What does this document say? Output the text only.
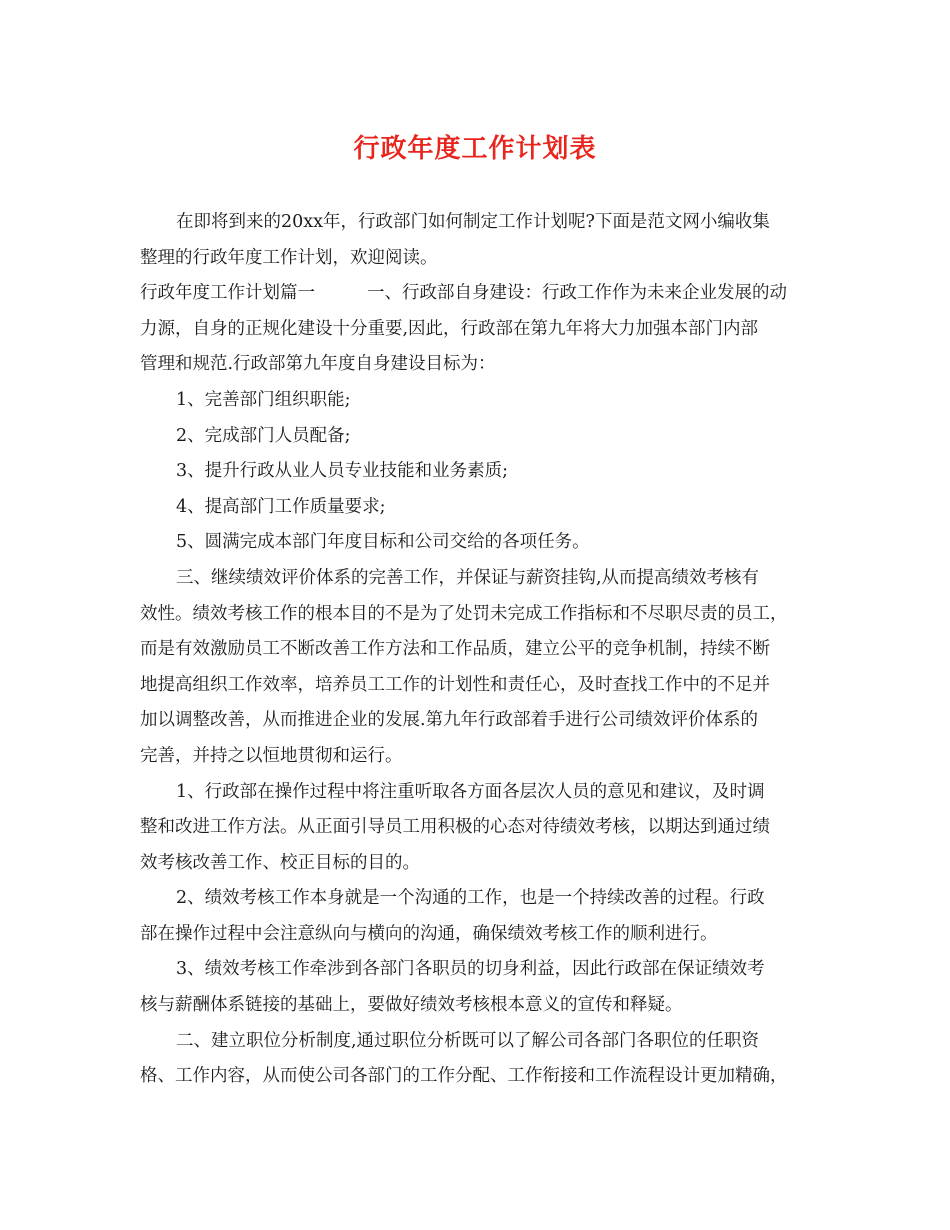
行政年度工作计划表
在即将到来的20xx年，行政部门如何制定工作计划呢?下面是范文网小编收集
整理的行政年度工作计划，欢迎阅读。
行政年度工作计划篇一	一、行政部自身建设：行政工作作为未来企业发展的动
力源，自身的正规化建设十分重要,因此，行政部在第九年将大力加强本部门内部
管理和规范.行政部第九年度自身建设目标为：
1、完善部门组织职能;
2、完成部门人员配备;
3、提升行政从业人员专业技能和业务素质;
4、提高部门工作质量要求;
5、圆满完成本部门年度目标和公司交给的各项任务。
三、继续绩效评价体系的完善工作，并保证与薪资挂钩,从而提高绩效考核有
效性。绩效考核工作的根本目的不是为了处罚未完成工作指标和不尽职尽责的员工，
而是有效激励员工不断改善工作方法和工作品质，建立公平的竞争机制，持续不断
地提高组织工作效率，培养员工工作的计划性和责任心，及时查找工作中的不足并
加以调整改善，从而推进企业的发展.第九年行政部着手进行公司绩效评价体系的
完善，并持之以恒地贯彻和运行。
1、行政部在操作过程中将注重听取各方面各层次人员的意见和建议，及时调
整和改进工作方法。从正面引导员工用积极的心态对待绩效考核，以期达到通过绩
效考核改善工作、校正目标的目的。
2、绩效考核工作本身就是一个沟通的工作，也是一个持续改善的过程。行政
部在操作过程中会注意纵向与横向的沟通，确保绩效考核工作的顺利进行。
3、绩效考核工作牵涉到各部门各职员的切身利益，因此行政部在保证绩效考
核与薪酬体系链接的基础上，要做好绩效考核根本意义的宣传和释疑。
二、建立职位分析制度,通过职位分析既可以了解公司各部门各职位的任职资
格、工作内容，从而使公司各部门的工作分配、工作衔接和工作流程设计更加精确，
